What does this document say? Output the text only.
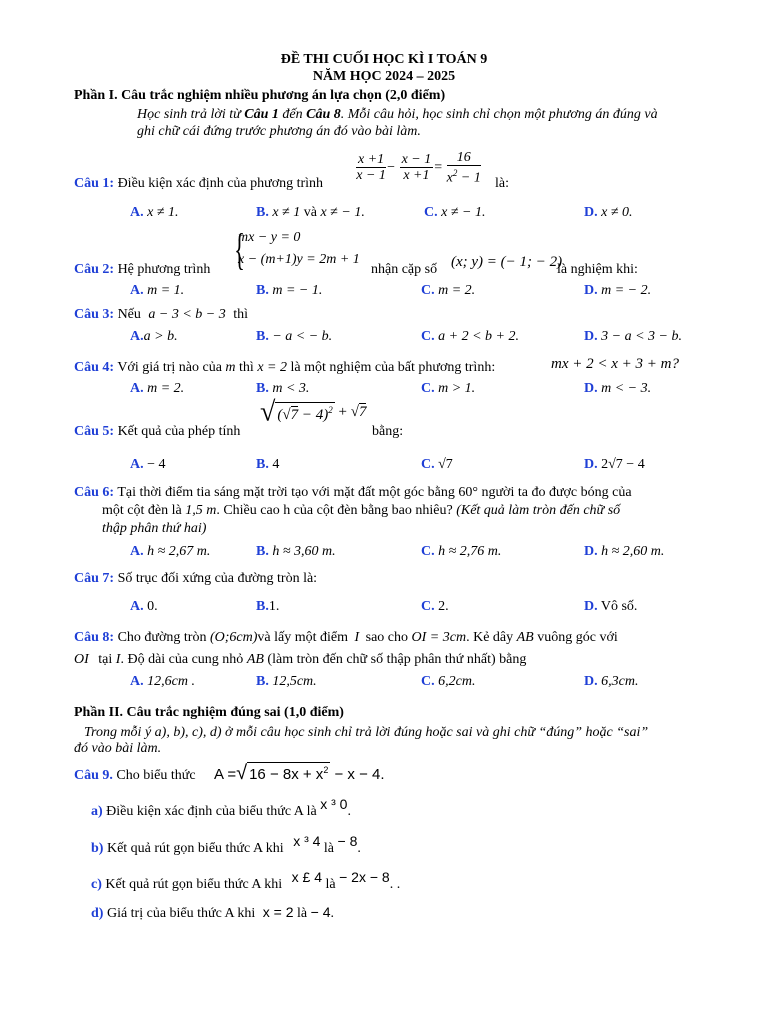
ĐỀ THI CUỐI HỌC KÌ I TOÁN 9
NĂM HỌC 2024 – 2025
Phần I. Câu trắc nghiệm nhiều phương án lựa chọn (2,0 điểm)
Học sinh trả lời từ Câu 1 đến Câu 8. Mỗi câu hỏi, học sinh chỉ chọn một phương án đúng và
ghi chữ cái đứng trước phương án đó vào bài làm.
$\frac{x +1}{x - 1} - \frac{x - 1}{x +1} = \frac{16}{x^2 - 1}$
Câu 1: Điều kiện xác định của phương trình	là:
A. x ≠ 1.	B. x ≠ 1 và x ≠ − 1.	C. x ≠ − 1.	D. x ≠ 0.
{
mx − y = 0
x − (m+1)y = 2m + 1
Câu 2: Hệ phương trình	nhận cặp số (x; y) = (− 1; − 2)
là nghiệm khi:
A. m = 1.	B. m = − 1.	C. m = 2.	D. m = − 2.
Câu 3: Nếu a − 3 < b − 3 thì
A.a > b.	B. − a < − b.	C. a + 2 < b + 2.	D. 3 − a < 3 − b.
Câu 4: Với giá trị nào của m thì x = 2 là một nghiệm của bất phương trình:	mx + 2 < x + 3 + m?
A. m = 2.	B. m < 3.	C. m > 1.	D. m < − 3.
Câu 5: Kết quả của phép tính
√ $(√7 - 4)^2 + √7$
bằng:
A. − 4	B. 4	C. √7	D. 2√7 − 4
Câu 6: Tại thời điểm tia sáng mặt trời tạo với mặt đất một góc bằng 60° người ta đo được bóng của
một cột đèn là 1,5 m. Chiều cao h của cột đèn bằng bao nhiêu? (Kết quả làm tròn đến chữ số
thập phân thứ hai)
A. h ≈ 2,67 m.	B. h ≈ 3,60 m.	C. h ≈ 2,76 m.	D. h ≈ 2,60 m.
Câu 7: Số trục đối xứng của đường tròn là:
A. 0.	B.1.	C. 2.	D. Vô số.
Câu 8: Cho đường tròn (O;6cm)và lấy một điểm I sao cho OI = 3cm. Kẻ dây AB vuông góc với
OI tại I. Độ dài của cung nhỏ AB (làm tròn đến chữ số thập phân thứ nhất) bằng
A. 12,6cm .	B. 12,5cm.	C. 6,2cm.	D. 6,3cm.
Phần II. Câu trắc nghiệm đúng sai (1,0 điểm)
Trong mỗi ý a), b), c), d) ở mỗi câu học sinh chỉ trả lời đúng hoặc sai và ghi chữ “đúng” hoặc “sai”
đó vào bài làm.
Câu 9. Cho biểu thức A =√ $16 - 8x + x^2 - x - 4$.
a) Điều kiện xác định của biểu thức A là x ³ 0.
b) Kết quả rút gọn biểu thức A khi x ³ 4 là − 8.
c) Kết quả rút gọn biểu thức A khi x £ 4 là − 2x − 8. .
d) Giá trị của biểu thức A khi x = 2 là − 4.
